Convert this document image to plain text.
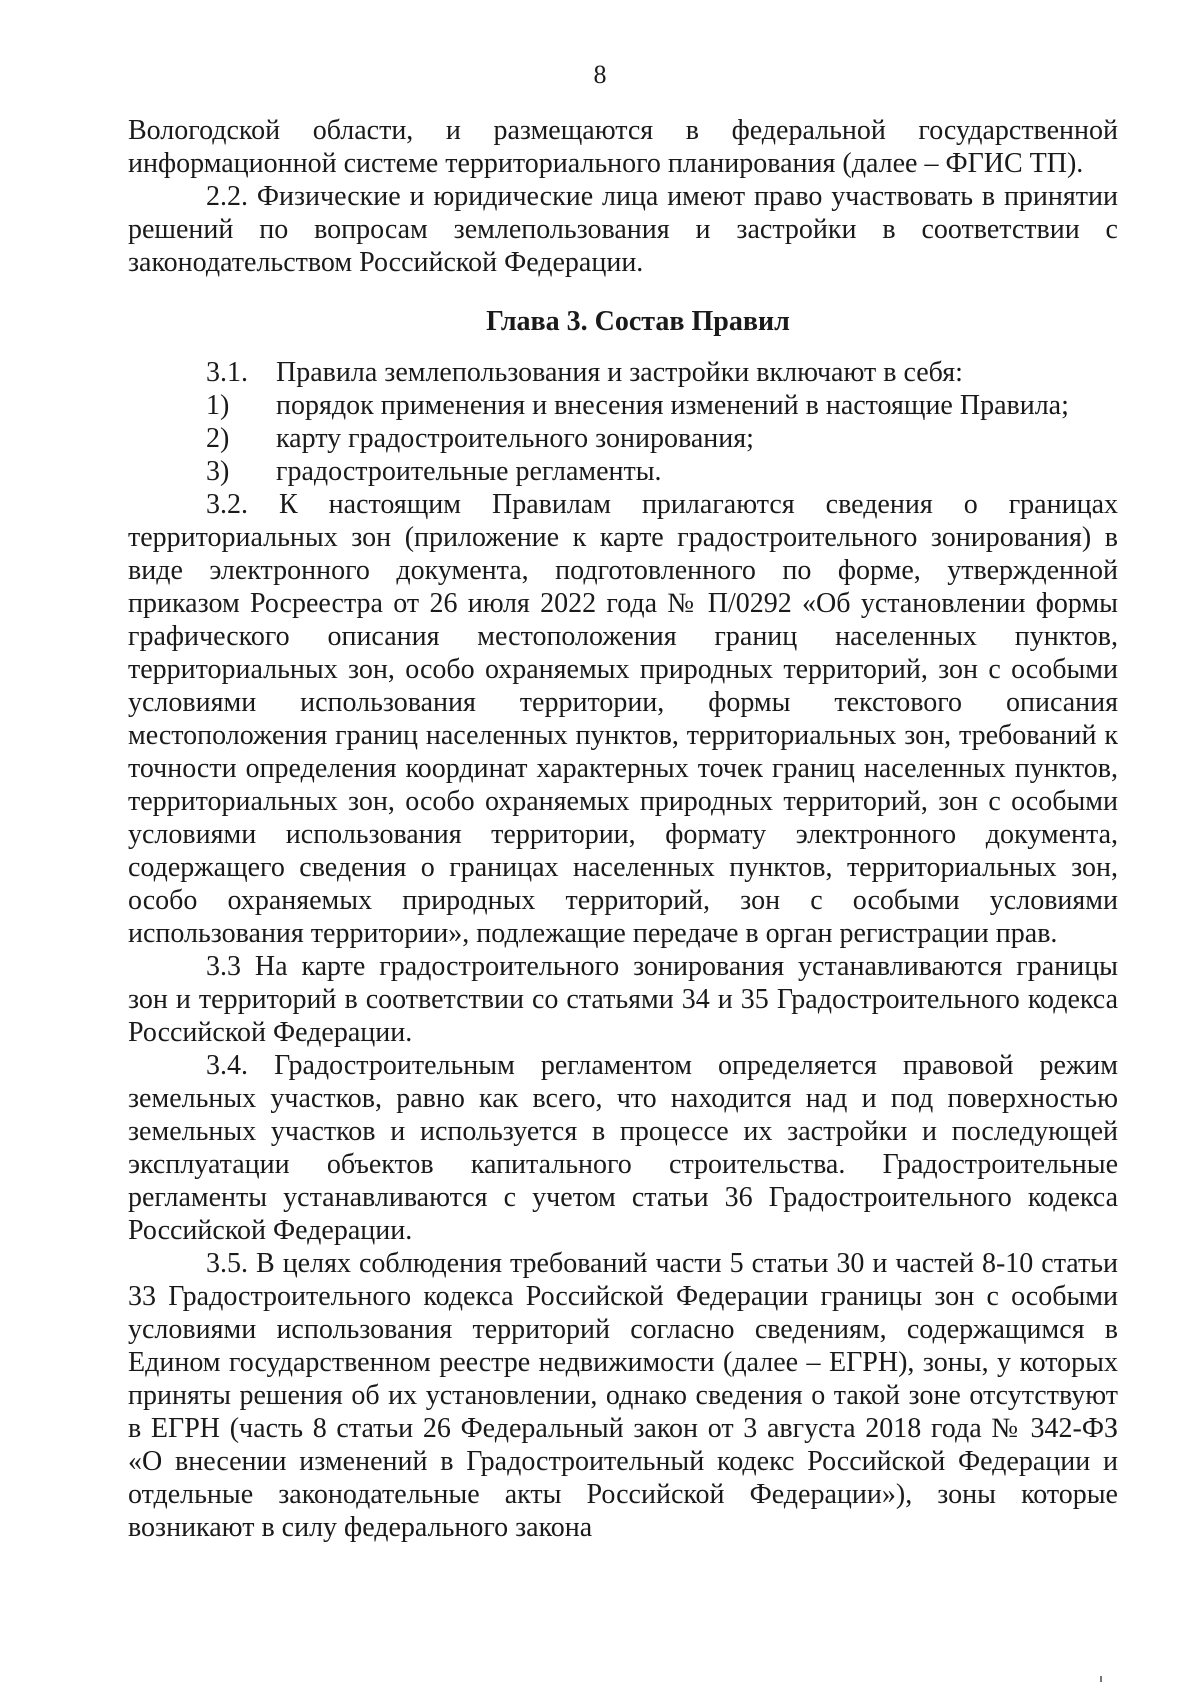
8

Вологодской области, и размещаются в федеральной государственной информационной системе территориального планирования (далее – ФГИС ТП).

2.2. Физические и юридические лица имеют право участвовать в принятии решений по вопросам землепользования и застройки в соответствии с законодательством Российской Федерации.

Глава 3. Состав Правил
3.1.	Правила землепользования и застройки включают в себя:
1)	порядок применения и внесения изменений в настоящие Правила;
2)	карту градостроительного зонирования;
3)	градостроительные регламенты.

3.2. К настоящим Правилам прилагаются сведения о границах территориальных зон (приложение к карте градостроительного зонирования) в виде электронного документа, подготовленного по форме, утвержденной приказом Росреестра от 26 июля 2022 года № П/0292 «Об установлении формы графического описания местоположения границ населенных пунктов, территориальных зон, особо охраняемых природных территорий, зон с особыми условиями использования территории, формы текстового описания местоположения границ населенных пунктов, территориальных зон, требований к точности определения координат характерных точек границ населенных пунктов, территориальных зон, особо охраняемых природных территорий, зон с особыми условиями использования территории, формату электронного документа, содержащего сведения о границах населенных пунктов, территориальных зон, особо охраняемых природных территорий, зон с особыми условиями использования территории», подлежащие передаче в орган регистрации прав.

3.3 На карте градостроительного зонирования устанавливаются границы зон и территорий в соответствии со статьями 34 и 35 Градостроительного кодекса Российской Федерации.

3.4. Градостроительным регламентом определяется правовой режим земельных участков, равно как всего, что находится над и под поверхностью земельных участков и используется в процессе их застройки и последующей эксплуатации объектов капитального строительства. Градостроительные регламенты устанавливаются с учетом статьи 36 Градостроительного кодекса Российской Федерации.

3.5. В целях соблюдения требований части 5 статьи 30 и частей 8-10 статьи 33 Градостроительного кодекса Российской Федерации границы зон с особыми условиями использования территорий согласно сведениям, содержащимся в Едином государственном реестре недвижимости (далее – ЕГРН), зоны, у которых приняты решения об их установлении, однако сведения о такой зоне отсутствуют в ЕГРН (часть 8 статьи 26 Федеральный закон от 3 августа 2018 года № 342-ФЗ «О внесении изменений в Градостроительный кодекс Российской Федерации и отдельные законодательные акты Российской Федерации»), зоны которые возникают в силу федерального закона
